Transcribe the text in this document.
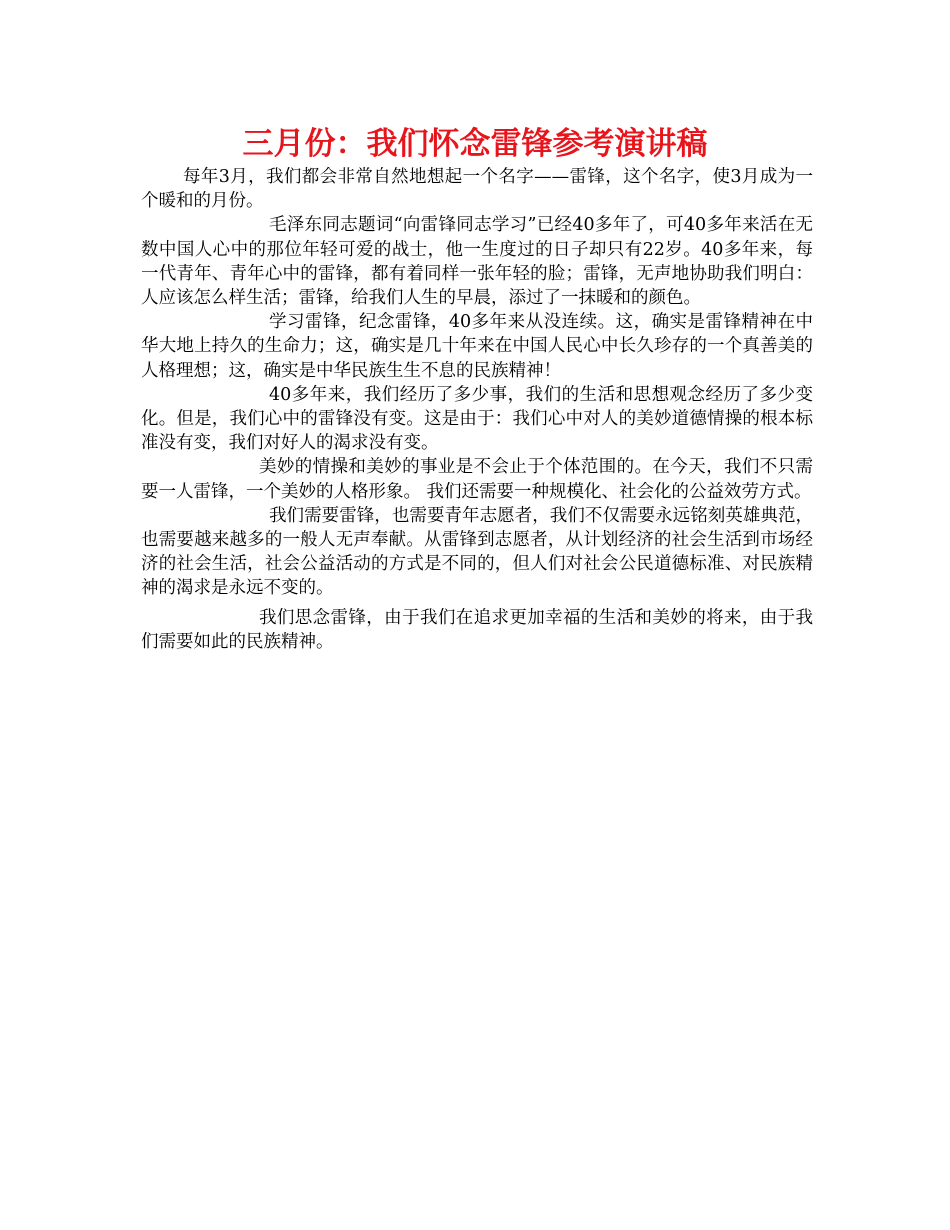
三月份：我们怀念雷锋参考演讲稿

每年3月，我们都会非常自然地想起一个名字——雷锋，这个名字，使3月成为一个暖和的月份。

毛泽东同志题词“向雷锋同志学习”已经40多年了，可40多年来活在无数中国人心中的那位年轻可爱的战士，他一生度过的日子却只有22岁。40多年来，每一代青年、青年心中的雷锋，都有着同样一张年轻的脸；雷锋，无声地协助我们明白：人应该怎么样生活；雷锋，给我们人生的早晨，添过了一抹暖和的颜色。

学习雷锋，纪念雷锋，40多年来从没连续。这，确实是雷锋精神在中华大地上持久的生命力；这，确实是几十年来在中国人民心中长久珍存的一个真善美的人格理想；这，确实是中华民族生生不息的民族精神！

40多年来，我们经历了多少事，我们的生活和思想观念经历了多少变化。但是，我们心中的雷锋没有变。这是由于：我们心中对人的美妙道德情操的根本标准没有变，我们对好人的渴求没有变。

美妙的情操和美妙的事业是不会止于个体范围的。在今天，我们不只需要一人雷锋，一个美妙的人格形象。 我们还需要一种规模化、社会化的公益效劳方式。

我们需要雷锋，也需要青年志愿者，我们不仅需要永远铭刻英雄典范，也需要越来越多的一般人无声奉献。从雷锋到志愿者，从计划经济的社会生活到市场经济的社会生活，社会公益活动的方式是不同的，但人们对社会公民道德标准、对民族精神的渴求是永远不变的。

我们思念雷锋，由于我们在追求更加幸福的生活和美妙的将来，由于我们需要如此的民族精神。
